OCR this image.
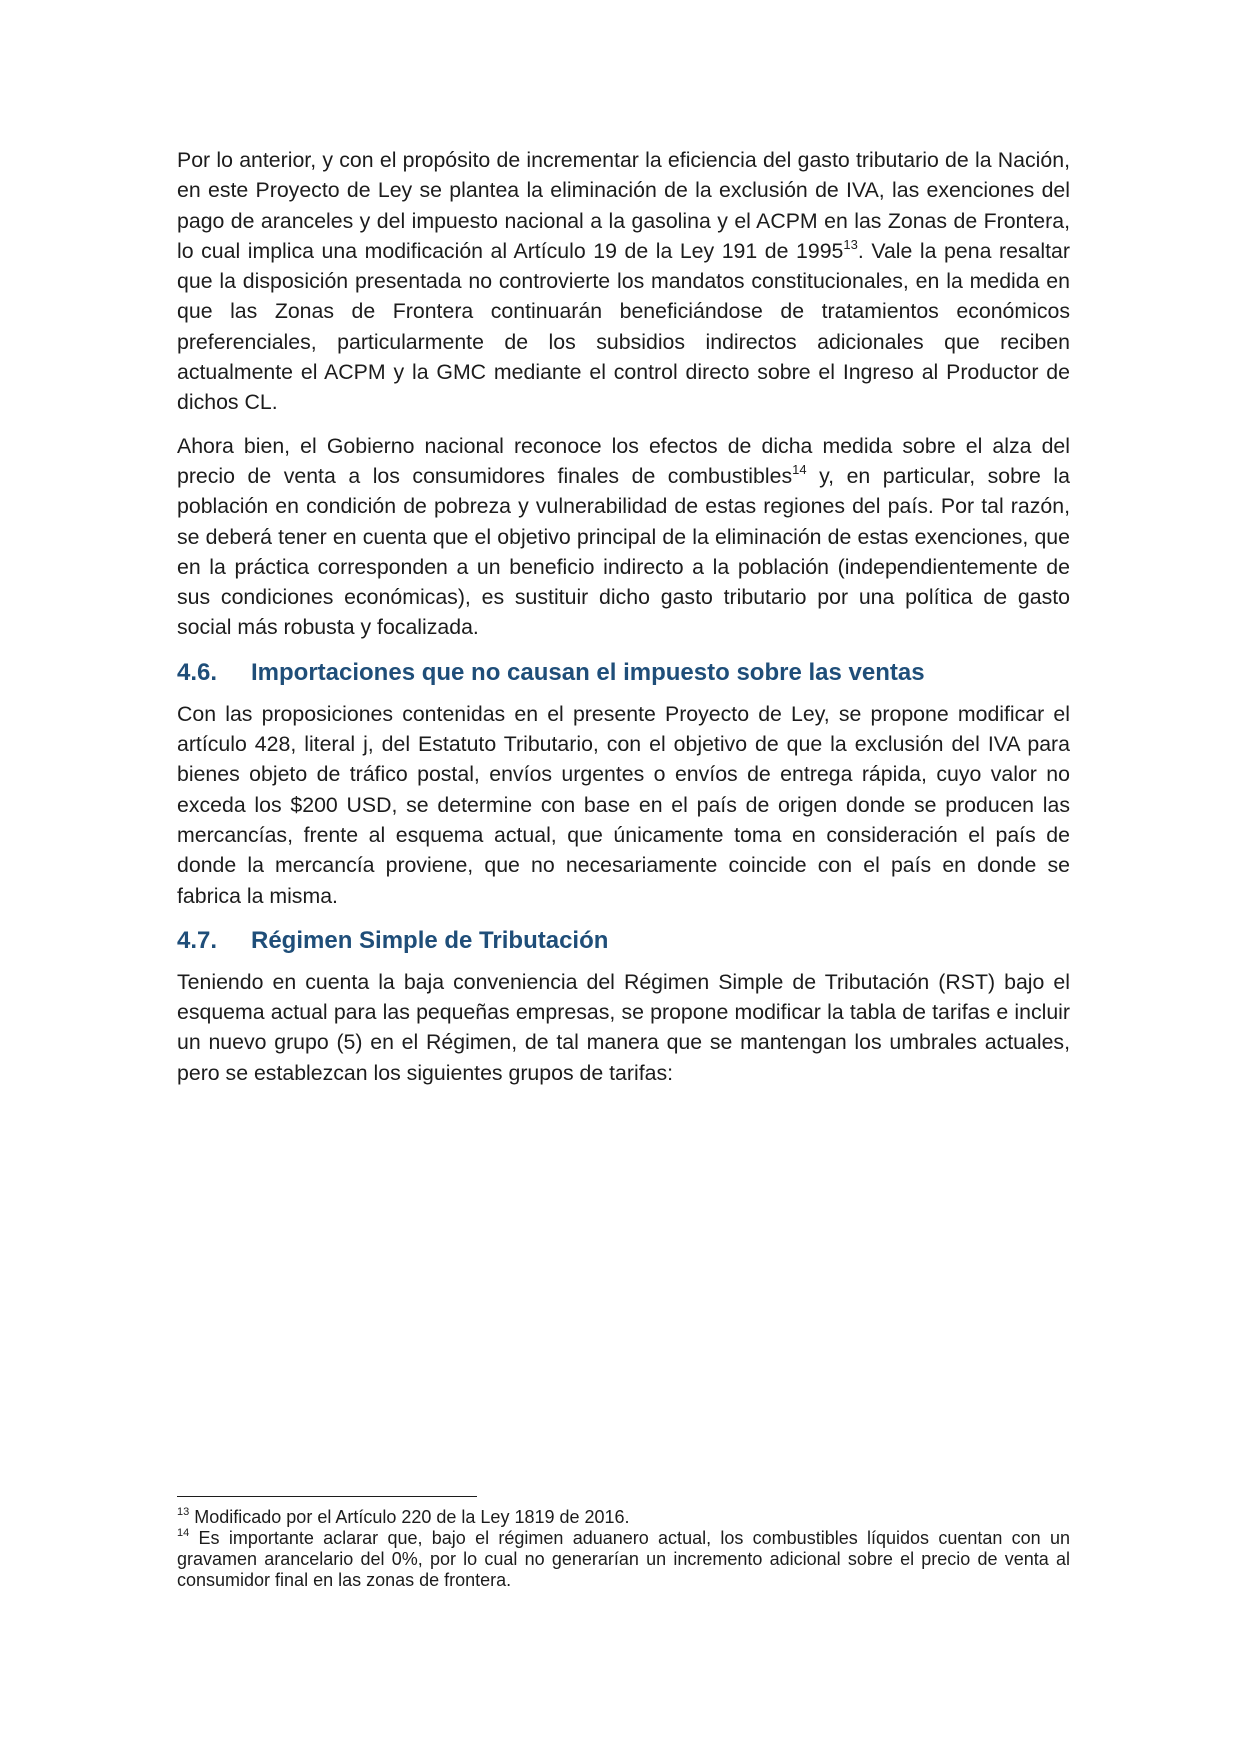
Por lo anterior, y con el propósito de incrementar la eficiencia del gasto tributario de la Nación, en este Proyecto de Ley se plantea la eliminación de la exclusión de IVA, las exenciones del pago de aranceles y del impuesto nacional a la gasolina y el ACPM en las Zonas de Frontera, lo cual implica una modificación al Artículo 19 de la Ley 191 de 1995$^{13}$. Vale la pena resaltar que la disposición presentada no controvierte los mandatos constitucionales, en la medida en que las Zonas de Frontera continuarán beneficiándose de tratamientos económicos preferenciales, particularmente de los subsidios indirectos adicionales que reciben actualmente el ACPM y la GMC mediante el control directo sobre el Ingreso al Productor de dichos CL.

Ahora bien, el Gobierno nacional reconoce los efectos de dicha medida sobre el alza del precio de venta a los consumidores finales de combustibles$^{14}$ y, en particular, sobre la población en condición de pobreza y vulnerabilidad de estas regiones del país. Por tal razón, se deberá tener en cuenta que el objetivo principal de la eliminación de estas exenciones, que en la práctica corresponden a un beneficio indirecto a la población (independientemente de sus condiciones económicas), es sustituir dicho gasto tributario por una política de gasto social más robusta y focalizada.

4.6. Importaciones que no causan el impuesto sobre las ventas

Con las proposiciones contenidas en el presente Proyecto de Ley, se propone modificar el artículo 428, literal j, del Estatuto Tributario, con el objetivo de que la exclusión del IVA para bienes objeto de tráfico postal, envíos urgentes o envíos de entrega rápida, cuyo valor no exceda los $200 USD, se determine con base en el país de origen donde se producen las mercancías, frente al esquema actual, que únicamente toma en consideración el país de donde la mercancía proviene, que no necesariamente coincide con el país en donde se fabrica la misma.

4.7. Régimen Simple de Tributación

Teniendo en cuenta la baja conveniencia del Régimen Simple de Tributación (RST) bajo el esquema actual para las pequeñas empresas, se propone modificar la tabla de tarifas e incluir un nuevo grupo (5) en el Régimen, de tal manera que se mantengan los umbrales actuales, pero se establezcan los siguientes grupos de tarifas:

$^{13}$ Modificado por el Artículo 220 de la Ley 1819 de 2016.

$^{14}$ Es importante aclarar que, bajo el régimen aduanero actual, los combustibles líquidos cuentan con un gravamen arancelario del 0%, por lo cual no generarían un incremento adicional sobre el precio de venta al consumidor final en las zonas de frontera.
